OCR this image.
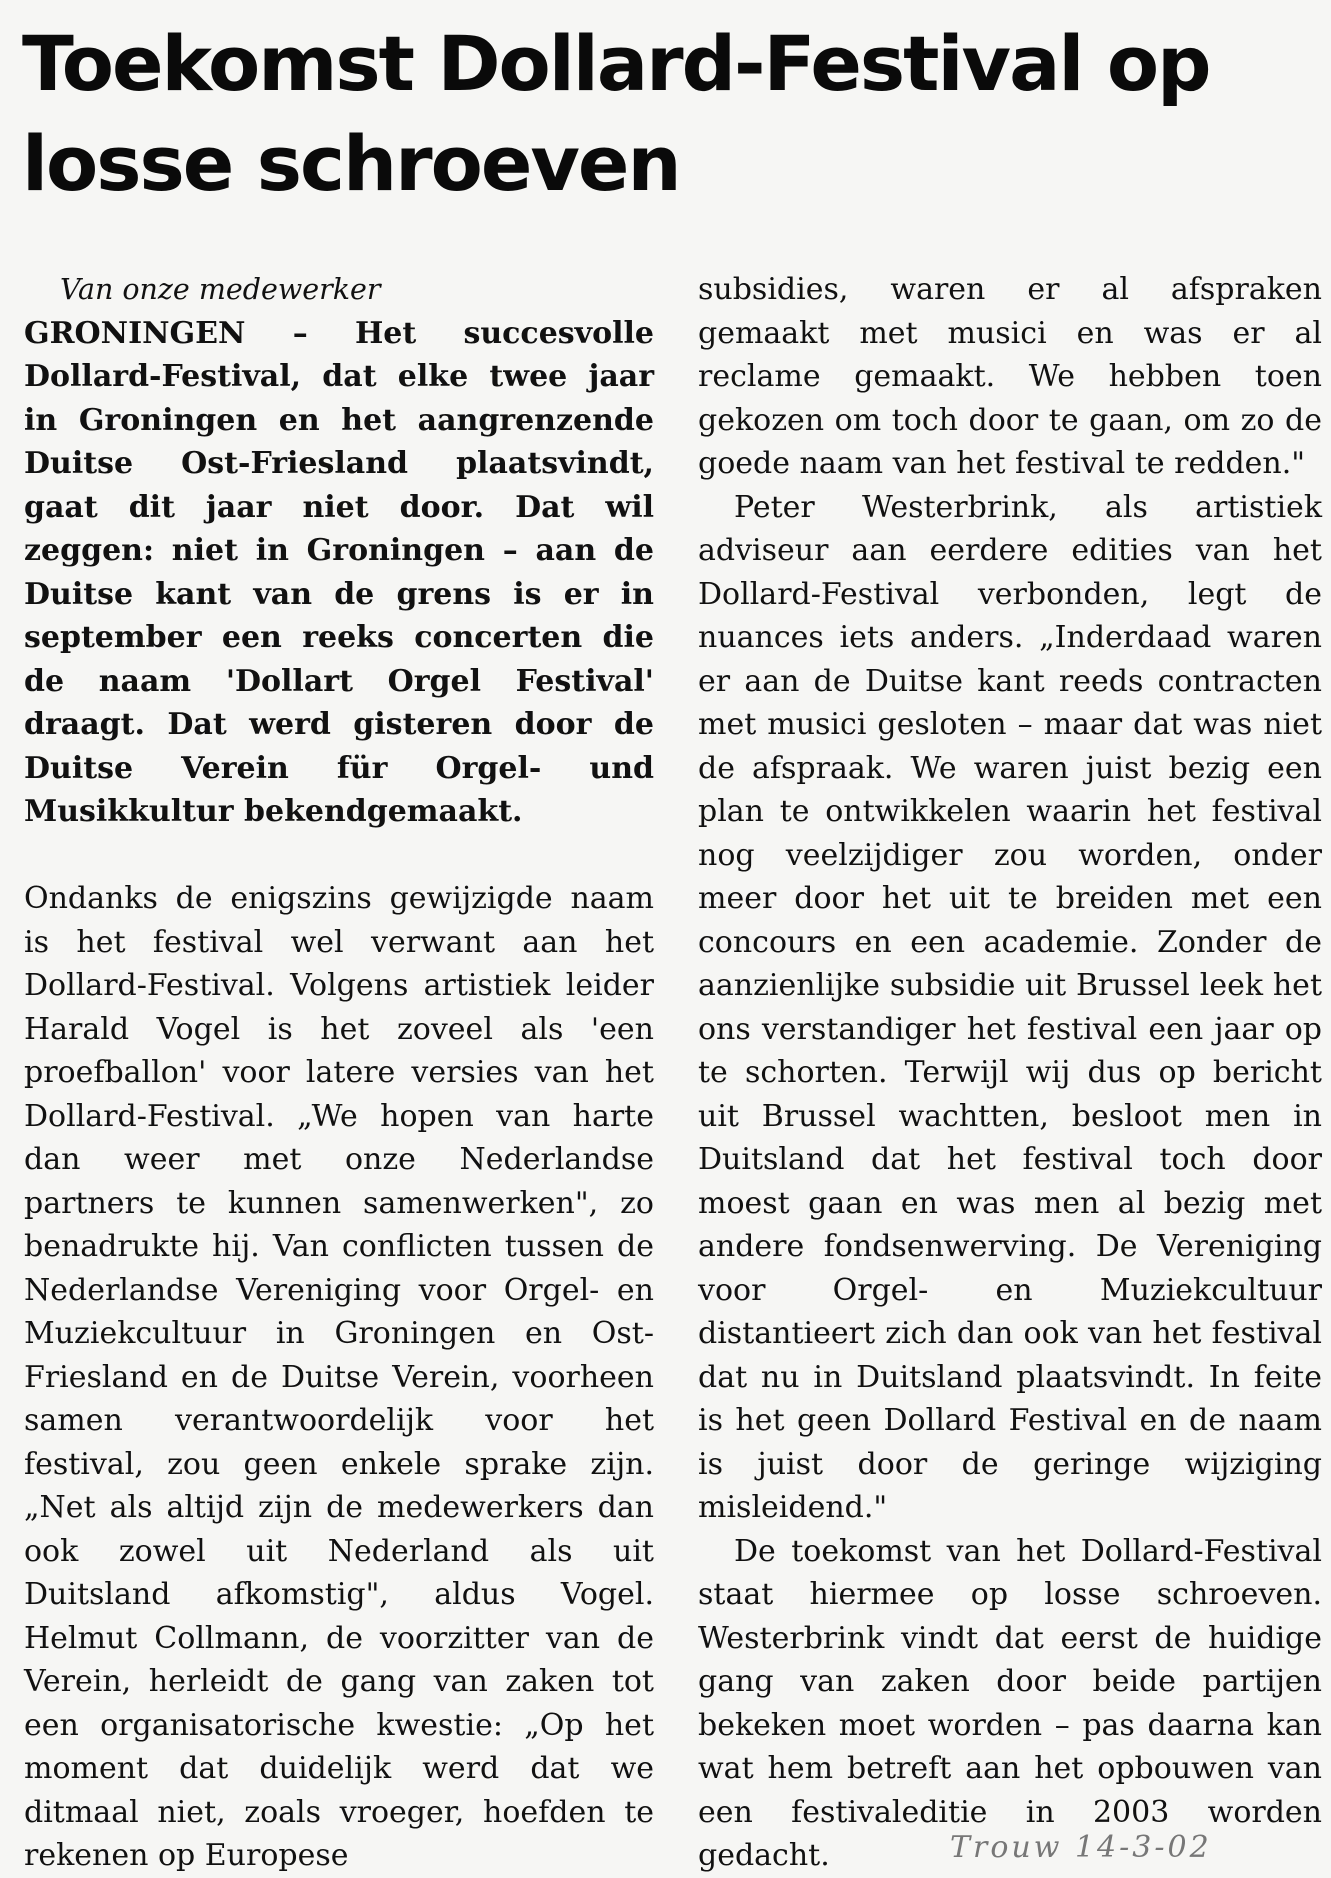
Toekomst Dollard-Festival op losse schroeven

Van onze medewerker

GRONINGEN – Het succesvolle Dollard-Festival, dat elke twee jaar in Groningen en het aangrenzende Duitse Ost-Friesland plaatsvindt, gaat dit jaar niet door. Dat wil zeggen: niet in Groningen – aan de Duitse kant van de grens is er in september een reeks concerten die de naam 'Dollart Orgel Festival' draagt. Dat werd gisteren door de Duitse Verein für Orgel- und Musikkultur bekendgemaakt.

Ondanks de enigszins gewijzigde naam is het festival wel verwant aan het Dollard-Festival. Volgens artistiek leider Harald Vogel is het zoveel als 'een proefballon' voor latere versies van het Dollard-Festival. „We hopen van harte dan weer met onze Nederlandse partners te kunnen samenwerken", zo benadrukte hij. Van conflicten tussen de Nederlandse Vereniging voor Orgel- en Muziekcultuur in Groningen en Ost-Friesland en de Duitse Verein, voorheen samen verantwoordelijk voor het festival, zou geen enkele sprake zijn. „Net als altijd zijn de medewerkers dan ook zowel uit Nederland als uit Duitsland afkomstig", aldus Vogel. Helmut Collmann, de voorzitter van de Verein, herleidt de gang van zaken tot een organisatorische kwestie: „Op het moment dat duidelijk werd dat we ditmaal niet, zoals vroeger, hoefden te rekenen op Europese

subsidies, waren er al afspraken gemaakt met musici en was er al reclame gemaakt. We hebben toen gekozen om toch door te gaan, om zo de goede naam van het festival te redden."

Peter Westerbrink, als artistiek adviseur aan eerdere edities van het Dollard-Festival verbonden, legt de nuances iets anders. „Inderdaad waren er aan de Duitse kant reeds contracten met musici gesloten – maar dat was niet de afspraak. We waren juist bezig een plan te ontwikkelen waarin het festival nog veelzijdiger zou worden, onder meer door het uit te breiden met een concours en een academie. Zonder de aanzienlijke subsidie uit Brussel leek het ons verstandiger het festival een jaar op te schorten. Terwijl wij dus op bericht uit Brussel wachtten, besloot men in Duitsland dat het festival toch door moest gaan en was men al bezig met andere fondsenwerving. De Vereniging voor Orgel- en Muziekcultuur distantieert zich dan ook van het festival dat nu in Duitsland plaatsvindt. In feite is het geen Dollard Festival en de naam is juist door de geringe wijziging misleidend."

De toekomst van het Dollard-Festival staat hiermee op losse schroeven. Westerbrink vindt dat eerst de huidige gang van zaken door beide partijen bekeken moet worden – pas daarna kan wat hem betreft aan het opbouwen van een festivaleditie in 2003 worden gedacht.	Trouw 14-3-02
